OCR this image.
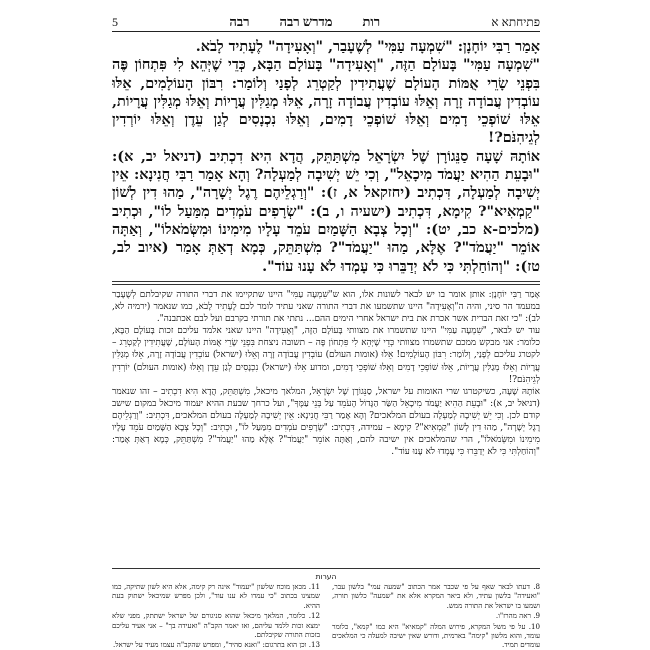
פתיחתא א
רות
מדרש רבה
רבה
5

אָמַר רַבִּי יוֹחָנָן: "שִׁמְעָה עַמִּי" לְשֶׁעָבַר, "וְאָעִידָה" לֶעָתִיד לָבֹא.

"שִׁמְעָה עַמִּי" בָּעוֹלָם הַזֶּה, "וְאָעִידָה" בָּעוֹלָם הַבָּא, כְּדֵי שֶׁיְּהֵא לִי פִּתְחוֹן פֶּה בִּפְנֵי שָׂרֵי אֻמּוֹת הָעוֹלָם שֶׁעֲתִידִין לְקַטְרֵג לְפָנַי וְלוֹמַר: רִבּוֹן הָעוֹלָמִים, אֵלּוּ עוֹבְדִין עֲבוֹדָה זָרָה וְאֵלּוּ עוֹבְדִין עֲבוֹדָה זָרָה, אֵלּוּ מְגַלִּין עֲרָיוֹת וְאֵלּוּ מְגַלִּין עֲרָיוֹת, אֵלּוּ שׁוֹפְכֵי דָמִים וְאֵלּוּ שׁוֹפְכֵי דָמִים, וְאֵלּוּ נִכְנָסִים לְגַן עֵדֶן וְאֵלּוּ יוֹרְדִין לְגֵיהִנֹּם?!

אוֹתָהּ שָׁעָה סַנֵּגוֹרָן שֶׁל יִשְׂרָאֵל מִשְׁתַּתֵּק, הֲדָא הִיא דִכְתִיב (דניאל יב, א): "וּבָעֵת הַהִיא יַעֲמֹד מִיכָאֵל", וְכִי יֵשׁ יְשִׁיבָה לְמַעְלָה? וְהָא אָמַר רַבִּי חֲנִינָא: אֵין יְשִׁיבָה לְמַעְלָה, דִּכְתִיב (יחזקאל א, ז): "וְרַגְלֵיהֶם רֶגֶל יְשָׁרָה", מַהוּ דִין לְשׁוֹן "קַמְאִיא"? קִימָא, דִּכְתִיב (ישעיה ו, ב): "שְׂרָפִים עֹמְדִים מִמַּעַל לוֹ", וּכְתִיב (מלכים-א כב, יט): "וְכָל צְבָא הַשָּׁמַיִם עֹמֵד עָלָיו מִימִינוֹ וּמִשְּׂמֹאלוֹ", וְאַתָּה אוֹמֵר "יַעֲמֹד"? אֶלָּא, מַהוּ "יַעֲמֹד"? מִשְׁתַּתֵּק, כְּמָא דְאַתְּ אָמַר (איוב לב, טז): "וְהוֹחַלְתִּי כִּי לֹא יְדַבֵּרוּ כִּי עָמְדוּ לֹא עָנוּ עוֹד".

אָמַר רַבִּי יוֹחָנָן: אותן אומר בו יש לבאר לשונות אלו, הוא ש"שִׁמְעָה עַמִּי" היינו שתקיימו את דברי התורה שקיבלתם לְשֶׁעָבַר במעמד הר סיני, והיה ה"וְאָעִידָה" היינו שתשמעו את דברי התורה שאני עתיד לומר לכם לֶעָתִיד לָבֹא, כמו שנאמר (ירמיה לא, לב): "כי זאת הברית אשר אכרת את בית ישראל אחרי הימים ההם... נתתי את תורתי בקרבם ועל לבם אכתבנה".

עוד יש לבאר, "שִׁמְעָה עַמִּי" היינו שתשמרו את מצוותי בָּעוֹלָם הַזֶּה, "וְאָעִידָה" היינו שאני אלמד עליכם זכות בָּעוֹלָם הַבָּא, כלומר: אני מבקש ממכם שתשמרו מצוותי כְּדֵי שֶׁיְּהֵא לִי פִּתְחוֹן פֶּה – תשובה ניצחת בִּפְנֵי שָׂרֵי אֻמּוֹת הָעוֹלָם, שֶׁעֲתִידִין לְקַטְרֵג – לקטרג עליכם לְפָנַי, וְלוֹמַר: רִבּוֹן הָעוֹלָמִים! אֵלּוּ (אומות העולם) עוֹבְדִין עֲבוֹדָה זָרָה וְאֵלּוּ (ישראל) עוֹבְדִין עֲבוֹדָה זָרָה, אֵלּוּ מְגַלִּין עֲרָיוֹת וְאֵלּוּ מְגַלִּין עֲרָיוֹת, אֵלּוּ שׁוֹפְכֵי דָמִים וְאֵלּוּ שׁוֹפְכֵי דָמִים, ומדוע אֵלּוּ (ישראל) נִכְנָסִים לְגַן עֵדֶן וְאֵלּוּ (אומות העולם) יוֹרְדִין לְגֵיהִנֹּם?!

אוֹתָהּ שָׁעָה, כשיקטרגו שרי האומות על ישראל, סַנֵּגוֹרָן שֶׁל יִשְׂרָאֵל, המלאך מיכאל, מִשְׁתַּתֵּק, הֲדָא הִיא דִכְתִיב – זהו שנאמר (דניאל יב, א): "וּבָעֵת הַהִיא יַעֲמֹד מִיכָאֵל הַשַּׂר הַגָּדוֹל הָעֹמֵד עַל בְּנֵי עַמֶּךָ", ועל כרחך שבעת ההיא יעמוד מיכאל במקום שישב קודם לכן. וְכִי יֵשׁ יְשִׁיבָה לְמַעְלָה בעולם המלאכים? וְהָא אָמַר רַבִּי חֲנִינָא: אֵין יְשִׁיבָה לְמַעְלָה בעולם המלאכים, דִּכְתִיב: "וְרַגְלֵיהֶם רֶגֶל יְשָׁרָה", מַהוּ דִין לְשׁוֹן "קַמְאִיא"? קִימָא – עמידה, דִּכְתִיב: "שְׂרָפִים עֹמְדִים מִמַּעַל לוֹ", וּכְתִיב: "וְכָל צְבָא הַשָּׁמַיִם עֹמֵד עָלָיו מִימִינוֹ וּמִשְּׂמֹאלוֹ", הרי שהמלאכים אין ישיבה להם, וְאַתָּה אוֹמֵר "יַעֲמֹד"? אֶלָּא מַהוּ "יַעֲמֹד"? מִשְׁתַּתֵּק, כְּמָא דְאַתְּ אָמַר: "וְהוֹחַלְתִּי כִּי לֹא יְדַבֵּרוּ כִּי עָמְדוּ לֹא עָנוּ עוֹד".

הערות

8. דעתו לבאר שאף על פי שכבר אמר הכתוב "שמעה עמי" בלשון עבר, "ואעידה" בלשון עתיד, ולא ביאר המקרא אלא את "שמעה" כלשון תורה, ושמעו בו ישראל את התורה ממש.

9. ראה מהרז"ו.

10. על פי משל המקרא, פירוש המלה "קמאיא" היא כמו "קמא", כלומר עומד, והוא מלשון "קימה" בארמית, ודורש שאין ישיבה למעלה כי המלאכים עומדים תמיד.

11. מכאן מוכח שלשון "יעמוד" אינה רק קימה, אלא היא לשון שתיקה, כמו שמצינו בכתוב "כי עמדו לא ענו עוד", ולכן מפרש שמיכאל ישתוק בעת ההיא.

12. כלומר, המלאך מיכאל שהוא סניגורם של ישראל ישתתק, מפני שלא ימצא זכות ללמד עליהם, ואז יאמר הקב"ה "ואעידה בך" – אני אעיד עליכם בזכות התורה שקיבלתם.

13. וכן הוא בתרגום: "ואנא סהיד", ומפרש שהקב"ה עצמו מעיד על ישראל.
